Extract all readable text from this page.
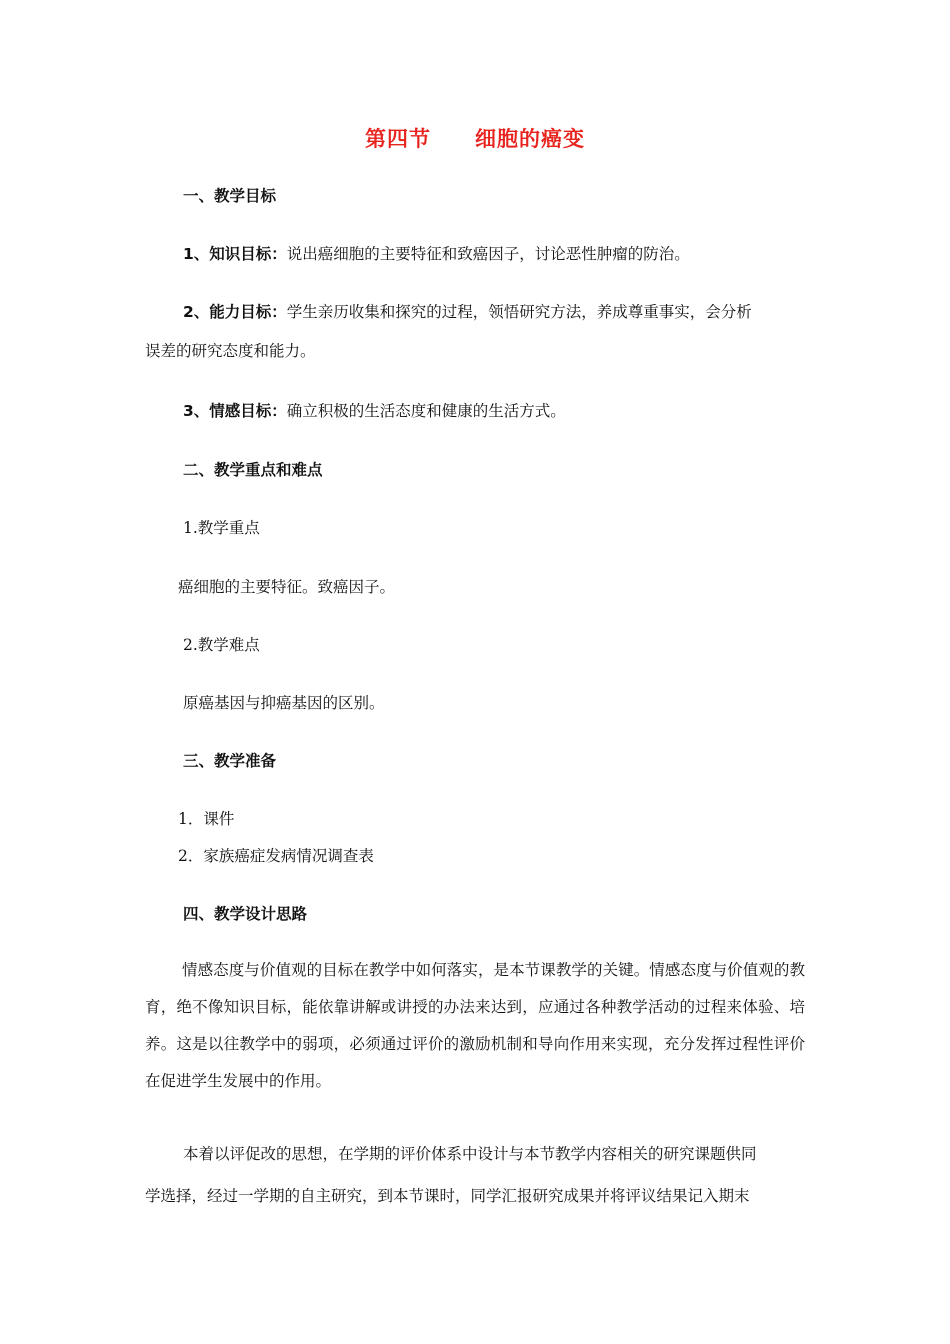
第四节　　细胞的癌变
一、教学目标
1、知识目标：说出癌细胞的主要特征和致癌因子，讨论恶性肿瘤的防治。
2、能力目标：学生亲历收集和探究的过程，领悟研究方法，养成尊重事实，会分析
误差的研究态度和能力。
3、情感目标：确立积极的生活态度和健康的生活方式。
二、教学重点和难点
1.教学重点
癌细胞的主要特征。致癌因子。
2.教学难点
原癌基因与抑癌基因的区别。
三、教学准备
1．课件
2．家族癌症发病情况调查表
四、教学设计思路
情感态度与价值观的目标在教学中如何落实，是本节课教学的关键。情感态度与价值观的教育，绝不像知识目标，能依靠讲解或讲授的办法来达到，应通过各种教学活动的过程来体验、培养。这是以往教学中的弱项，必须通过评价的激励机制和导向作用来实现，充分发挥过程性评价在促进学生发展中的作用。
本着以评促改的思想，在学期的评价体系中设计与本节教学内容相关的研究课题供同
学选择，经过一学期的自主研究，到本节课时，同学汇报研究成果并将评议结果记入期末
